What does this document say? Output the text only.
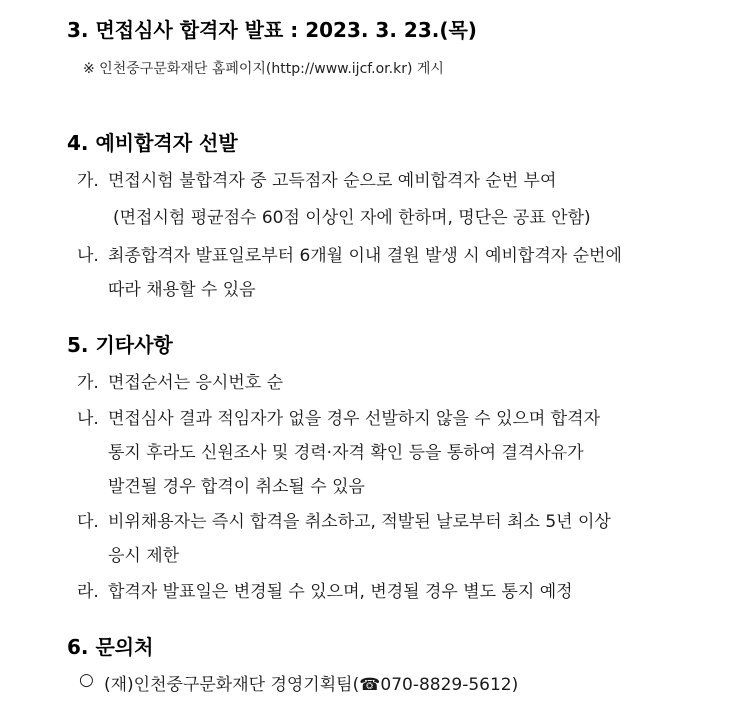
3. 면접심사 합격자 발표 : 2023. 3. 23.(목)
※ 인천중구문화재단 홈페이지(http://www.ijcf.or.kr) 게시
4. 예비합격자 선발
가. 면접시험 불합격자 중 고득점자 순으로 예비합격자 순번 부여
(면접시험 평균점수 60점 이상인 자에 한하며, 명단은 공표 안함)
나. 최종합격자 발표일로부터 6개월 이내 결원 발생 시 예비합격자 순번에
따라 채용할 수 있음
5. 기타사항
가. 면접순서는 응시번호 순
나. 면접심사 결과 적임자가 없을 경우 선발하지 않을 수 있으며 합격자
통지 후라도 신원조사 및 경력·자격 확인 등을 통하여 결격사유가
발견될 경우 합격이 취소될 수 있음
다. 비위채용자는 즉시 합격을 취소하고, 적발된 날로부터 최소 5년 이상
응시 제한
라. 합격자 발표일은 변경될 수 있으며, 변경될 경우 별도 통지 예정
6. 문의처
○ (재)인천중구문화재단 경영기획팀(☎070-8829-5612)
